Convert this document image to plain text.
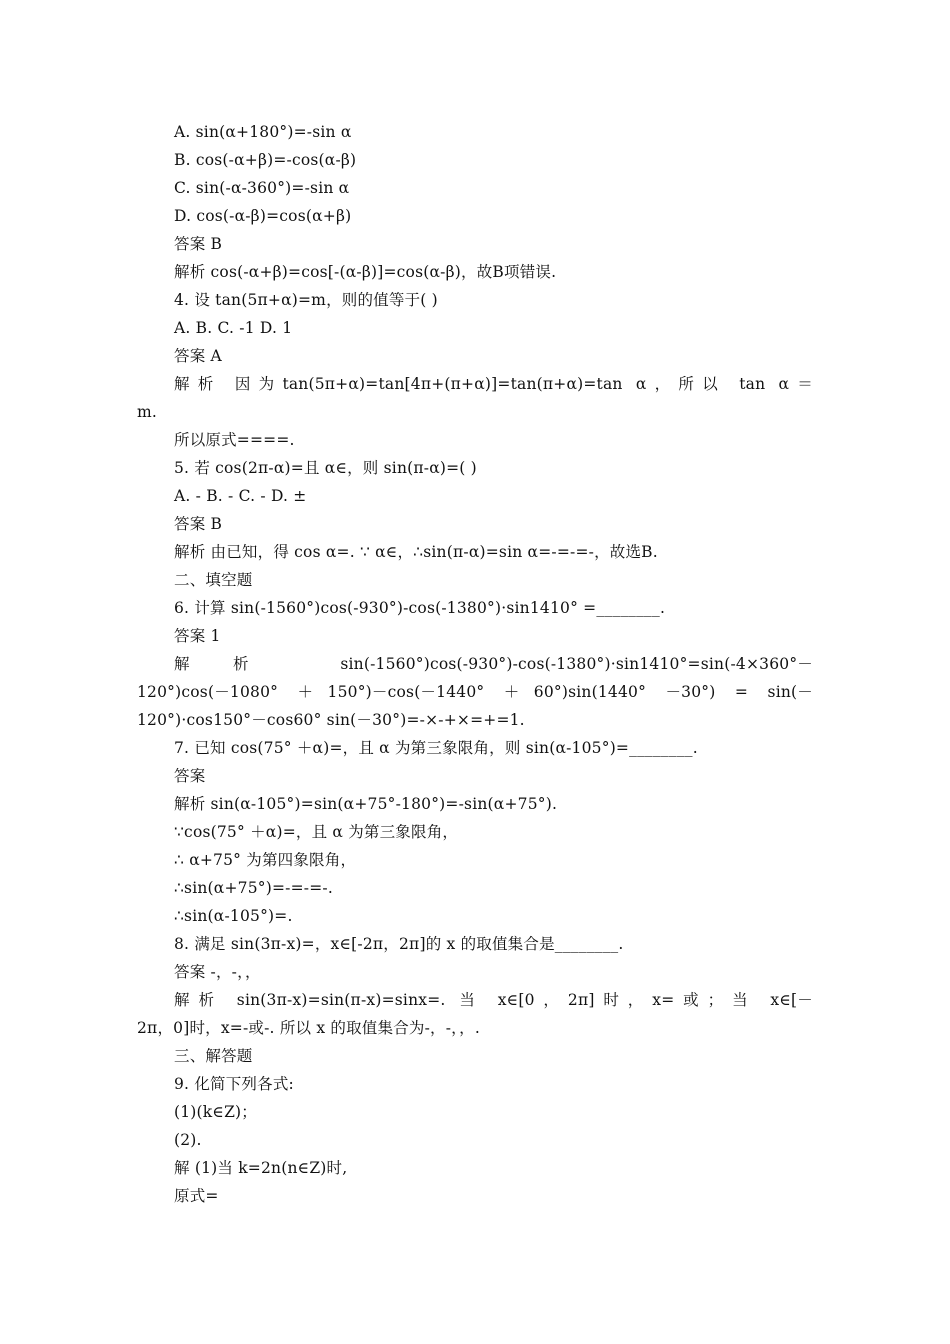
A. sin(α+180°)=-sin α
B. cos(-α+β)=-cos(α-β)
C. sin(-α-360°)=-sin α
D. cos(-α-β)=cos(α+β)
答案 B
解析 cos(-α+β)=cos[-(α-β)]=cos(α-β)，故B项错误.
4. 设 tan(5π+α)=m，则的值等于( )
A. B. C. -1 D. 1
答案 A
解析 因为tan(5π+α)=tan[4π+(π+α)]=tan(π+α)=tan α，所以 tan α＝
m.
所以原式====.
5. 若 cos(2π-α)=且 α∈，则 sin(π-α)=( )
A. - B. - C. - D. ±
答案 B
解析 由已知，得 cos α=. ∵ α∈，∴sin(π-α)=sin α=-=-=-，故选B.
二、填空题
6. 计算 sin(-1560°)cos(-930°)-cos(-1380°)·sin1410° =________.
答案 1
解析 sin(-1560°)cos(-930°)-cos(-1380°)·sin1410°=sin(-4×360°－
120°)cos(－1080° ＋150°)－cos(－1440° ＋60°)sin(1440° －30°) = sin(－
120°)·cos150°－cos60° sin(－30°)=-×-+×=+=1.
7. 已知 cos(75° ＋α)=，且 α 为第三象限角，则 sin(α-105°)=________.
答案
解析 sin(α-105°)=sin(α+75°-180°)=-sin(α+75°).
∵cos(75° ＋α)=，且 α 为第三象限角，
∴ α+75° 为第四象限角，
∴sin(α+75°)=-=-=-.
∴sin(α-105°)=.
8. 满足 sin(3π-x)=，x∈[-2π，2π]的 x 的取值集合是________.
答案 -，-，，
解析 sin(3π-x)=sin(π-x)=sinx=. 当 x∈[0，2π]时，x=或；当 x∈[－
2π，0]时，x=-或-. 所以 x 的取值集合为-，-，，.
三、解答题
9. 化简下列各式:
(1)(k∈Z)；
(2).
解 (1)当 k=2n(n∈Z)时,
原式=
